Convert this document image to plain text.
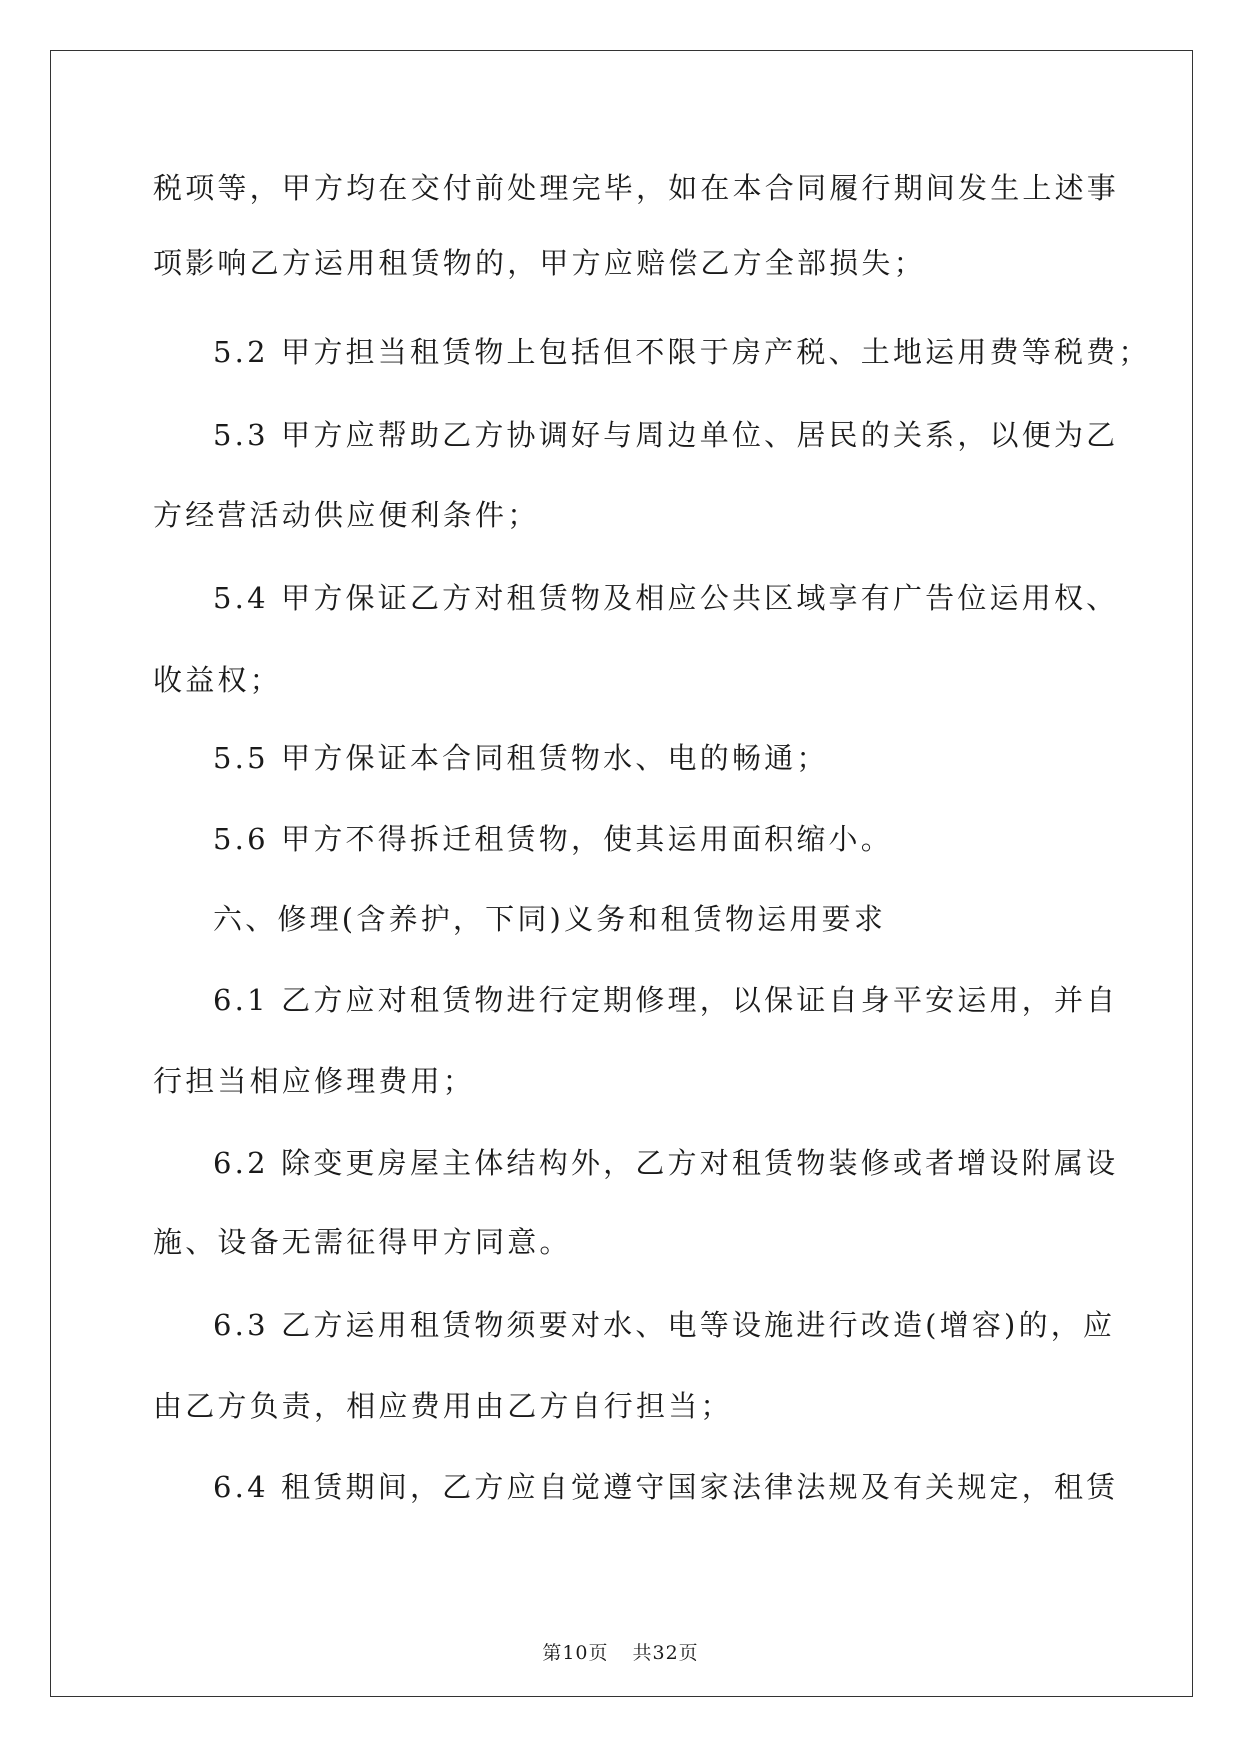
税项等，甲方均在交付前处理完毕，如在本合同履行期间发生上述事
项影响乙方运用租赁物的，甲方应赔偿乙方全部损失；
5.2 甲方担当租赁物上包括但不限于房产税、土地运用费等税费；
5.3 甲方应帮助乙方协调好与周边单位、居民的关系，以便为乙
方经营活动供应便利条件；
5.4 甲方保证乙方对租赁物及相应公共区域享有广告位运用权、
收益权；
5.5 甲方保证本合同租赁物水、电的畅通；
5.6 甲方不得拆迁租赁物，使其运用面积缩小。
六、修理(含养护，下同)义务和租赁物运用要求
6.1 乙方应对租赁物进行定期修理，以保证自身平安运用，并自
行担当相应修理费用；
6.2 除变更房屋主体结构外，乙方对租赁物装修或者增设附属设
施、设备无需征得甲方同意。
6.3 乙方运用租赁物须要对水、电等设施进行改造(增容)的，应
由乙方负责，相应费用由乙方自行担当；
6.4 租赁期间，乙方应自觉遵守国家法律法规及有关规定，租赁
第10页 共32页
